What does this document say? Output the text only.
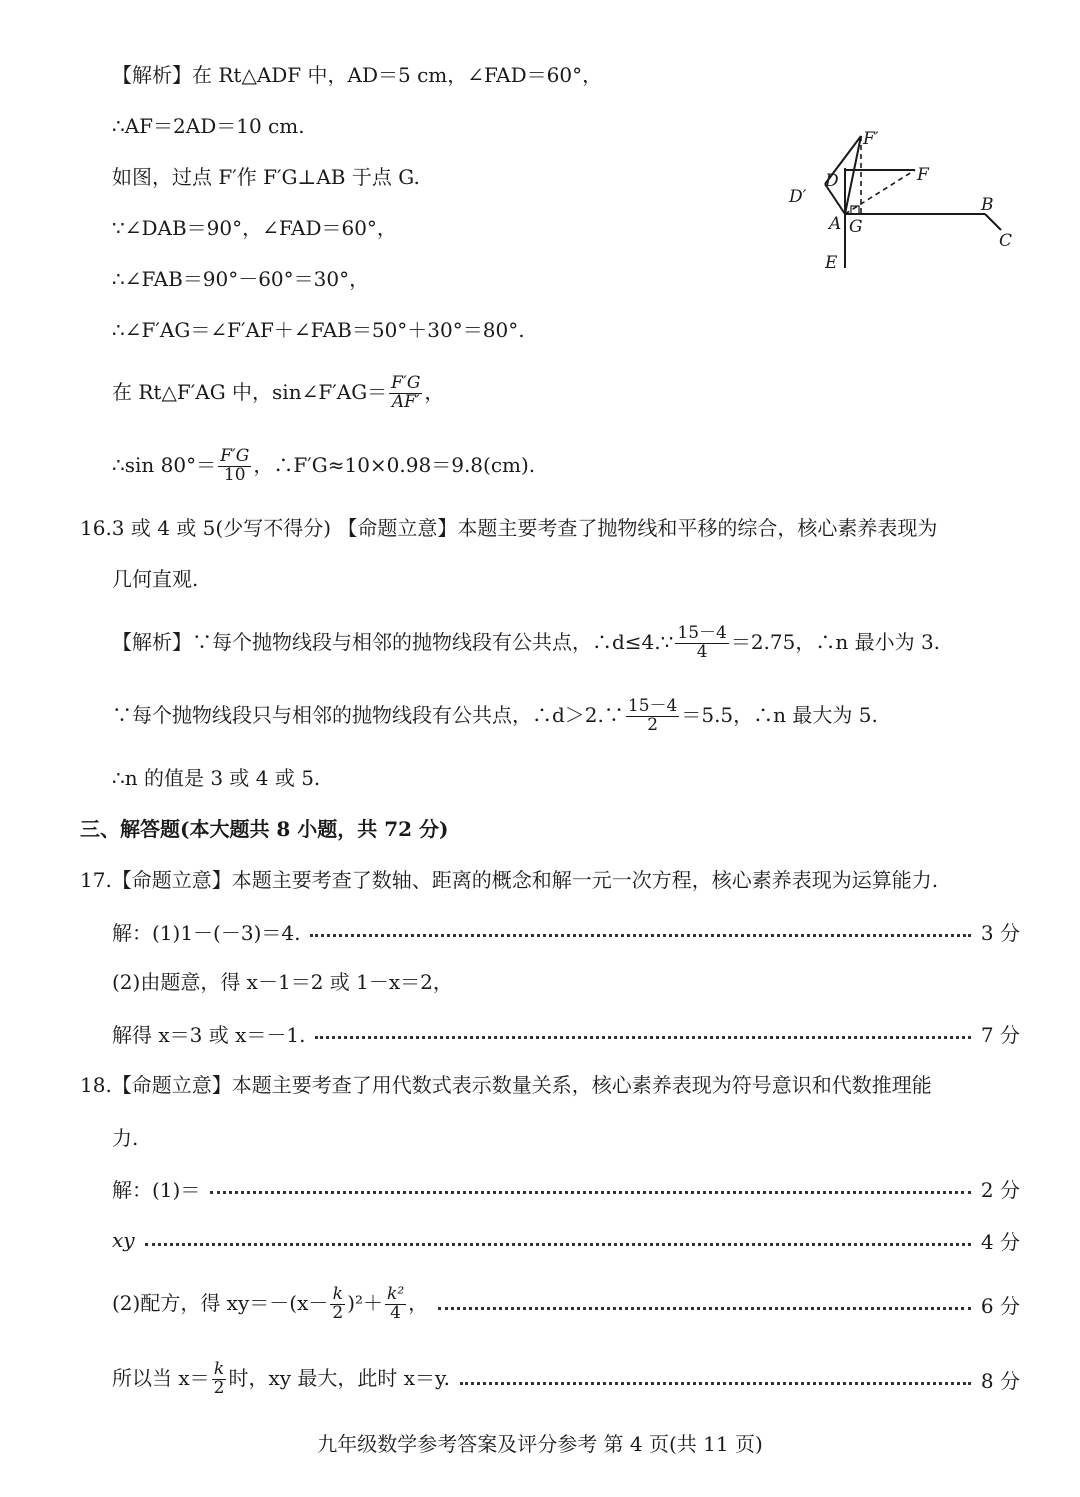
【解析】在 Rt△ADF 中，AD＝5 cm，∠FAD＝60°，
∴AF＝2AD＝10 cm.
如图，过点 F′作 F′G⊥AB 于点 G.
∵∠DAB＝90°，∠FAD＝60°，
∴∠FAB＝90°－60°＝30°，
∴∠F′AG＝∠F′AF＋∠FAB＝50°＋30°＝80°.
在 Rt△F′AG 中，sin∠F′AG＝ $\frac{F'G}{AF'}$ ，
∴sin $80^\circ= \frac{F'G}{10}$ ，∴F′G≈10×0.98＝9.8(cm).
F′
D	F
D′
A G
B
C
E
16.3 或 4 或 5(少写不得分) 【命题立意】本题主要考查了抛物线和平移的综合，核心素养表现为
几何直观.
【解析】∵每个抛物线段与相邻的抛物线段有公共点，∴d≤4.∵ $\frac{15-4}{4} =2.75$，∴n 最小为 3.
∵每个抛物线段只与相邻的抛物线段有公共点，∴d＞2.∵ $\frac{15-4}{2} =5.5$，∴n 最大为 5.
∴n 的值是 3 或 4 或 5.
三、解答题(本大题共 8 小题，共 72 分)
17.【命题立意】本题主要考查了数轴、距离的概念和解一元一次方程，核心素养表现为运算能力.
解：(1)1－(－3)＝4.	3 分
(2)由题意，得 x－1＝2 或 1－x＝2，
解得 x＝3 或 x＝－1.	7 分
18.【命题立意】本题主要考查了用代数式表示数量关系，核心素养表现为符号意识和代数推理能
力.
解：(1)＝	2 分
xy	4 分
(2)配方，得 $xy=-(x- \frac{k}{2} )^2+ \frac{\text{k²}}{4}$ ，	6 分
所以当 $x= \frac{k}{2}$ 时，xy 最大，此时 x＝y.	8 分
九年级数学参考答案及评分参考 第 4 页(共 11 页)
